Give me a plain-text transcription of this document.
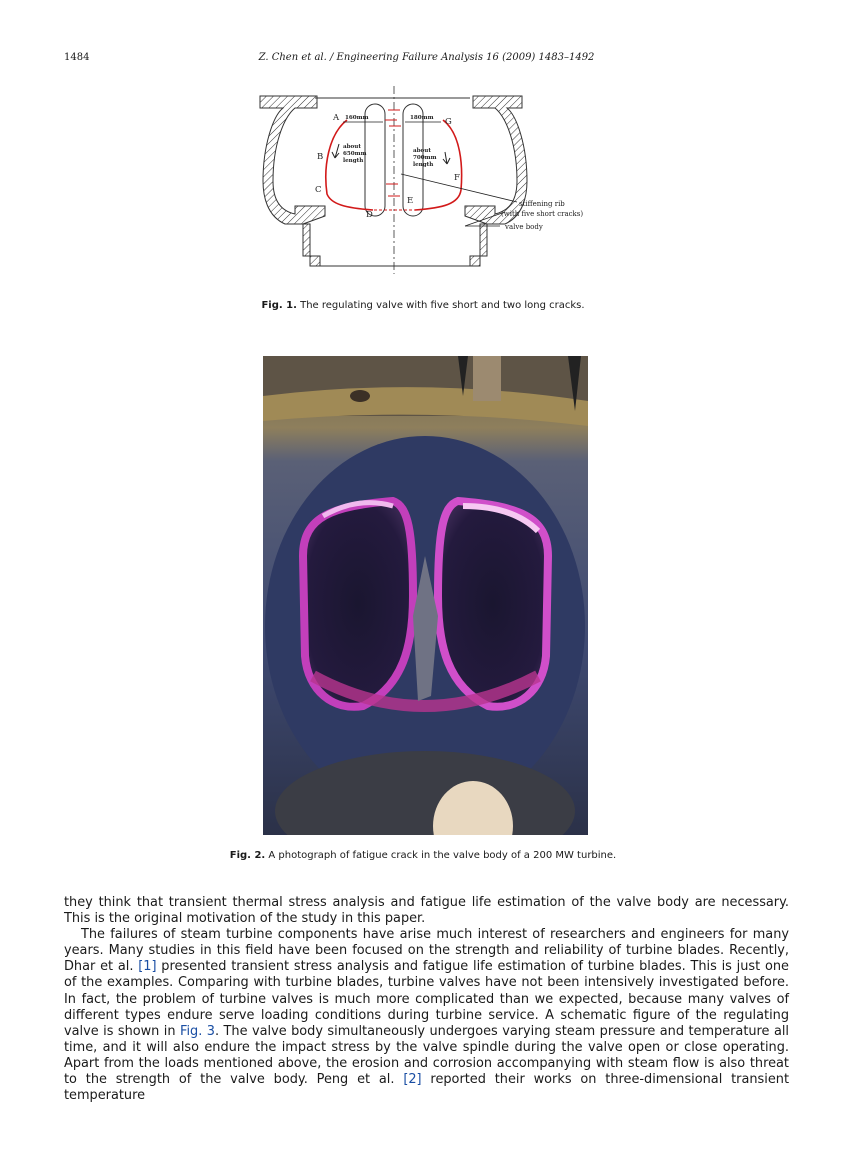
1484	Z. Chen et al. / Engineering Failure Analysis 16 (2009) 1483–1492
A
B
C
D
E
F
G
160mm	180mm
about
650mm
length
about
700mm
length
stiffening rib
(with five short cracks)
valve body
Fig. 1. The regulating valve with five short and two long cracks.
Fig. 2. A photograph of fatigue crack in the valve body of a 200 MW turbine.

they think that transient thermal stress analysis and fatigue life estimation of the valve body are necessary. This is the original motivation of the study in this paper.

The failures of steam turbine components have arise much interest of researchers and engineers for many years. Many studies in this field have been focused on the strength and reliability of turbine blades. Recently, Dhar et al. [1] presented transient stress analysis and fatigue life estimation of turbine blades. This is just one of the examples. Comparing with turbine blades, turbine valves have not been intensively investigated before. In fact, the problem of turbine valves is much more complicated than we expected, because many valves of different types endure serve loading conditions during turbine service. A schematic figure of the regulating valve is shown in Fig. 3. The valve body simultaneously undergoes varying steam pressure and temperature all time, and it will also endure the impact stress by the valve spindle during the valve open or close operating. Apart from the loads mentioned above, the erosion and corrosion accompanying with steam flow is also threat to the strength of the valve body. Peng et al. [2] reported their works on three-dimensional transient temperature
